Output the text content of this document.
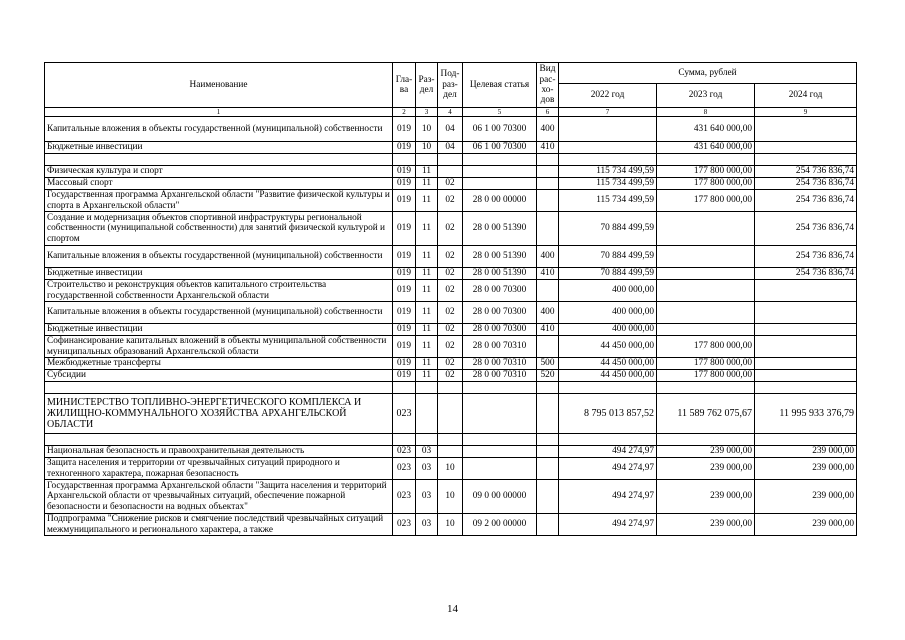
Наименование	Гла-ва	Раз-дел	Под-раз-дел	Целевая статья	Вид рас-хо-дов	Сумма, рублей		
						2022 год	2023 год	2024 год
1	2	3	4	5	6	7	8	9
Капитальные вложения в объекты государственной (муниципальной) собственности	019	10	04	06 1 00 70300	400		431 640 000,00	
Бюджетные инвестиции	019	10	04	06 1 00 70300	410		431 640 000,00	

Физическая культура и спорт	019	11				115 734 499,59	177 800 000,00	254 736 836,74
Массовый спорт	019	11	02			115 734 499,59	177 800 000,00	254 736 836,74
Государственная программа Архангельской области "Развитие физической культуры и спорта в Архангельской области"	019	11	02	28 0 00 00000		115 734 499,59	177 800 000,00	254 736 836,74
Создание и модернизация объектов спортивной инфраструктуры региональной собственности (муниципальной собственности) для занятий физической культурой и спортом	019	11	02	28 0 00 51390		70 884 499,59		254 736 836,74
Капитальные вложения в объекты государственной (муниципальной) собственности	019	11	02	28 0 00 51390	400	70 884 499,59		254 736 836,74
Бюджетные инвестиции	019	11	02	28 0 00 51390	410	70 884 499,59		254 736 836,74
Строительство и реконструкция объектов капитального строительства государственной собственности Архангельской области	019	11	02	28 0 00 70300		400 000,00		
Капитальные вложения в объекты государственной (муниципальной) собственности	019	11	02	28 0 00 70300	400	400 000,00		
Бюджетные инвестиции	019	11	02	28 0 00 70300	410	400 000,00		
Софинансирование капитальных вложений в объекты муниципальной собственности муниципальных образований Архангельской области	019	11	02	28 0 00 70310		44 450 000,00	177 800 000,00	
Межбюджетные трансферты	019	11	02	28 0 00 70310	500	44 450 000,00	177 800 000,00	
Субсидии	019	11	02	28 0 00 70310	520	44 450 000,00	177 800 000,00	

МИНИСТЕРСТВО ТОПЛИВНО-ЭНЕРГЕТИЧЕСКОГО КОМПЛЕКСА И ЖИЛИЩНО-КОММУНАЛЬНОГО ХОЗЯЙСТВА АРХАНГЕЛЬСКОЙ ОБЛАСТИ	023					8 795 013 857,52	11 589 762 075,67	11 995 933 376,79

Национальная безопасность и правоохранительная деятельность	023	03				494 274,97	239 000,00	239 000,00
Защита населения и территории от чрезвычайных ситуаций природного и техногенного характера, пожарная безопасность	023	03	10			494 274,97	239 000,00	239 000,00
Государственная программа Архангельской области "Защита населения и территорий Архангельской области от чрезвычайных ситуаций, обеспечение пожарной безопасности и безопасности на водных объектах"	023	03	10	09 0 00 00000		494 274,97	239 000,00	239 000,00
Подпрограмма "Снижение рисков и смягчение последствий чрезвычайных ситуаций межмуниципального и регионального характера, а также	023	03	10	09 2 00 00000		494 274,97	239 000,00	239 000,00
14
